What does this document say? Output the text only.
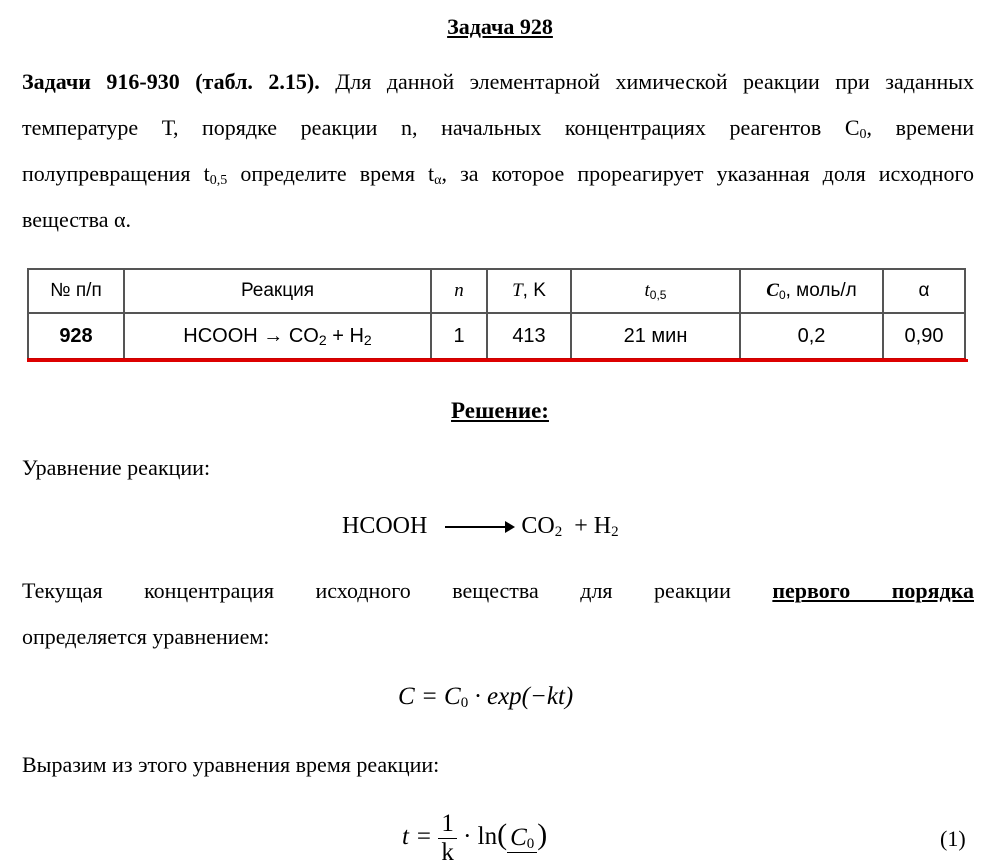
Задача 928
Задачи 916-930 (табл. 2.15). Для данной элементарной химической реакции при заданных температуре Т, порядке реакции n, начальных концентрациях реагентов $С_0$, времени полупревращения $t_{0,5}$ определите время $t_\alpha$, за которое прореагирует указанная доля исходного вещества α.
№ п/п	Реакция	n	T, K	$t_{0,5}$	$C_0$, моль/л	α
928	HCOOH → $CO_2 + H_2$	1	413	21 мин	0,2	0,90
Решение:
Уравнение реакции:
HCOOH	$CO_2 + H_2$
Текущая концентрация исходного вещества для реакции первого порядка
определяется уравнением:
$C = C_0 \cdot \exp(-kt)$
Выразим из этого уравнения время реакции:
$t = \frac{1}{k} \cdot \ln$( $C_0$ )	(1)
